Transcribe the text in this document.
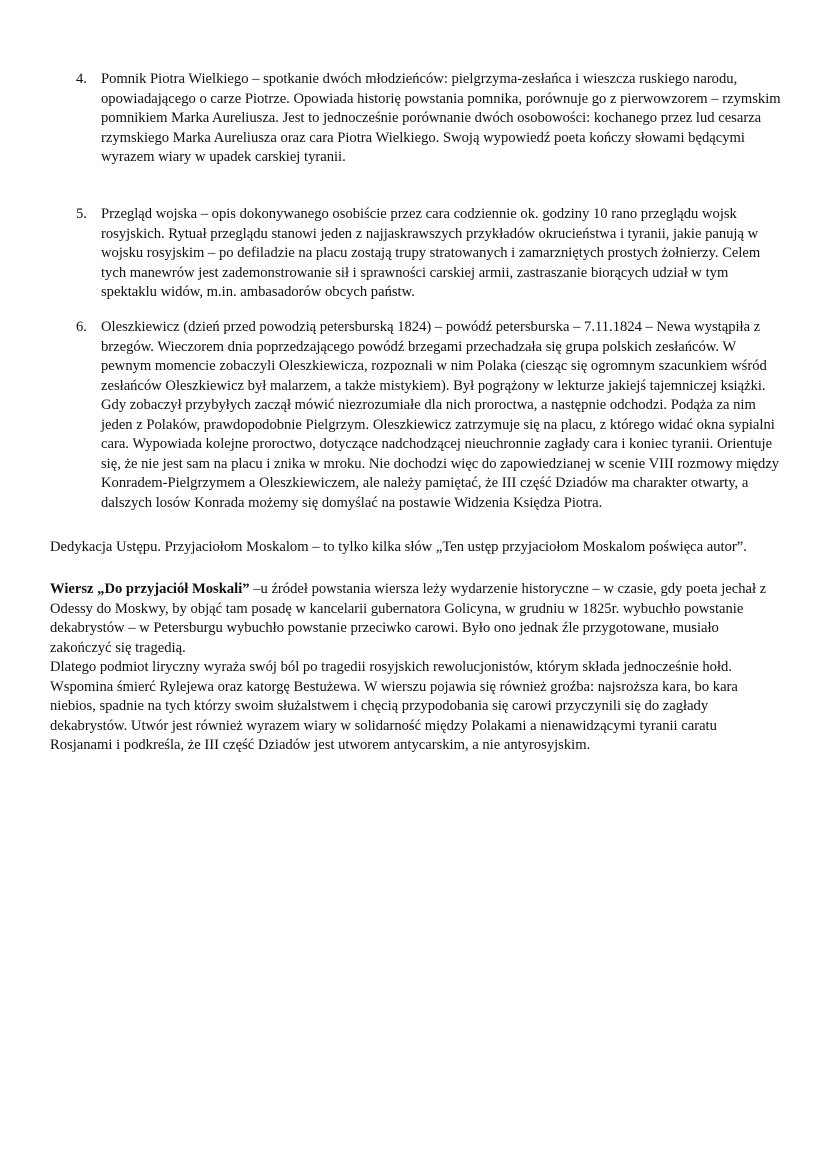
4. Pomnik Piotra Wielkiego – spotkanie dwóch młodzieńców: pielgrzyma-zesłańca i wieszcza ruskiego narodu, opowiadającego o carze Piotrze. Opowiada historię powstania pomnika, porównuje go z pierwowzorem – rzymskim pomnikiem Marka Aureliusza. Jest to jednocześnie porównanie dwóch osobowości: kochanego przez lud cesarza rzymskiego Marka Aureliusza oraz cara Piotra Wielkiego. Swoją wypowiedź poeta kończy słowami będącymi wyrazem wiary w upadek carskiej tyranii.
5. Przegląd wojska – opis dokonywanego osobiście przez cara codziennie ok. godziny 10 rano przeglądu wojsk rosyjskich. Rytuał przeglądu stanowi jeden z najjaskrawszych przykładów okrucieństwa i tyranii, jakie panują w wojsku rosyjskim – po defiladzie na placu zostają trupy stratowanych i zamarzniętych prostych żołnierzy. Celem tych manewrów jest zademonstrowanie sił i sprawności carskiej armii, zastraszanie biorących udział w tym spektaklu widów, m.in. ambasadorów obcych państw.
6. Oleszkiewicz (dzień przed powodzią petersburską 1824) – powódź petersburska – 7.11.1824 – Newa wystąpiła z brzegów. Wieczorem dnia poprzedzającego powódź brzegami przechadzała się grupa polskich zesłańców. W pewnym momencie zobaczyli Oleszkiewicza, rozpoznali w nim Polaka (ciesząc się ogromnym szacunkiem wśród zesłańców Oleszkiewicz był malarzem, a także mistykiem). Był pogrążony w lekturze jakiejś tajemniczej książki. Gdy zobaczył przybyłych zaczął mówić niezrozumiałe dla nich proroctwa, a następnie odchodzi. Podąża za nim jeden z Polaków, prawdopodobnie Pielgrzym. Oleszkiewicz zatrzymuje się na placu, z którego widać okna sypialni cara. Wypowiada kolejne proroctwo, dotyczące nadchodzącej nieuchronnie zagłady cara i koniec tyranii. Orientuje się, że nie jest sam na placu i znika w mroku. Nie dochodzi więc do zapowiedzianej w scenie VIII rozmowy między Konradem-Pielgrzymem a Oleszkiewiczem, ale należy pamiętać, że III część Dziadów ma charakter otwarty, a dalszych losów Konrada możemy się domyślać na postawie Widzenia Księdza Piotra.
Dedykacja Ustępu. Przyjaciołom Moskalom – to tylko kilka słów „Ten ustęp przyjaciołom Moskalom poświęca autor”.
Wiersz „Do przyjaciół Moskali” –u źródeł powstania wiersza leży wydarzenie historyczne – w czasie, gdy poeta jechał z Odessy do Moskwy, by objąć tam posadę w kancelarii gubernatora Golicyna, w grudniu w 1825r. wybuchło powstanie dekabrystów – w Petersburgu wybuchło powstanie przeciwko carowi. Było ono jednak źle przygotowane, musiało zakończyć się tragedią.
Dlatego podmiot liryczny wyraża swój ból po tragedii rosyjskich rewolucjonistów, którym składa jednocześnie hołd. Wspomina śmierć Rylejewa oraz katorgę Bestużewa. W wierszu pojawia się również groźba: najsroższa kara, bo kara niebios, spadnie na tych którzy swoim służalstwem i chęcią przypodobania się carowi przyczynili się do zagłady dekabrystów. Utwór jest również wyrazem wiary w solidarność między Polakami a nienawidzącymi tyranii caratu Rosjanami i podkreśla, że III część Dziadów jest utworem antycarskim, a nie antyrosyjskim.
